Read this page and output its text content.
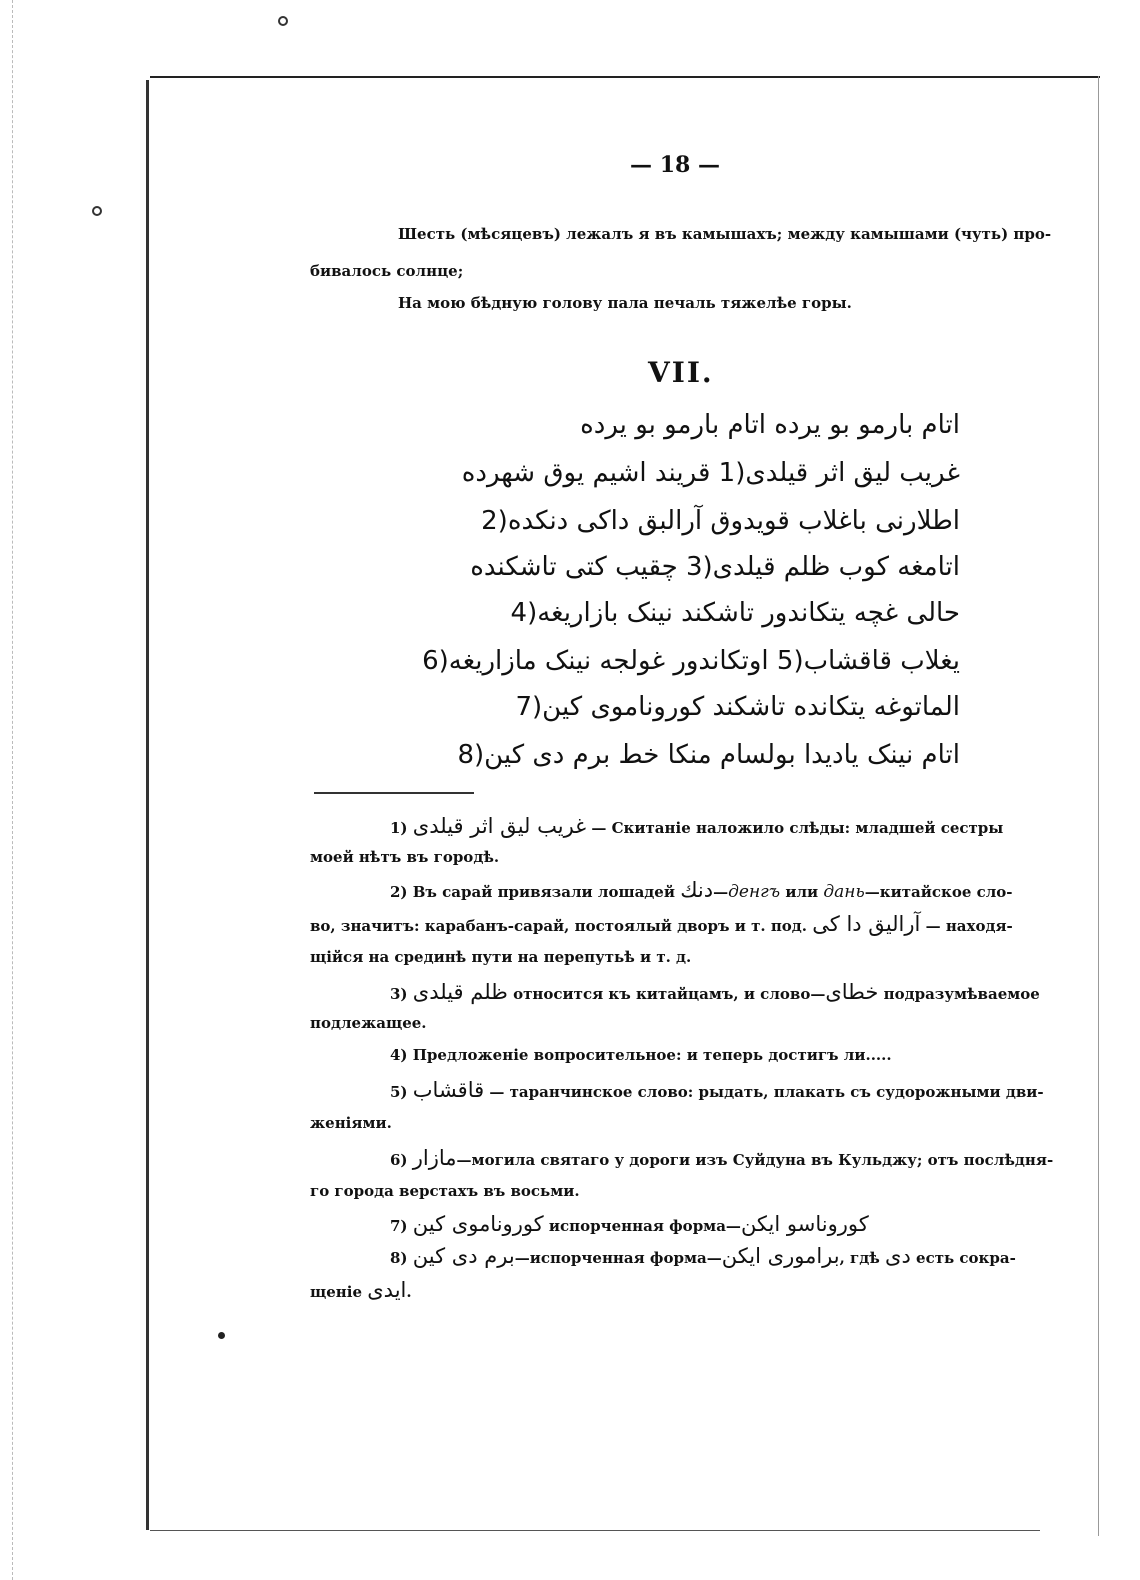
— 18 —
Шесть (мѣсяцевъ) лежалъ я въ камышахъ; между камышами (чуть) про-
бивалось солнце;
На мою бѣдную голову пала печаль тяжелѣе горы.
VII.
اتام بارمو بو يرده اتام بارمو بو يرده
غريب ليق اثر قيلدی(1 قريند اشيم يوق شهرده
اطلارنی باغلاب قويدوق آرالبق داکی دنکده(2
اتامغه کوب ظلم قيلدی(3 چقيب کتی تاشکنده
حالی غچه يتکاندور تاشکند نينک بازاريغه(4
يغلاب قاقشاب(5 اوتکاندور غولجه نينک مازاريغه(6
الماتوغه يتکانده تاشکند کوروناموی کين(7
اتام نينک يادیدا بولسام منکا خط برم دی کين(8
1) غريب ليق اثر قيلدی — Скитаніе наложило слѣды: младшей сестры
моей нѣтъ въ городѣ.
2) Въ сарай привязали лошадей دنك—денгъ или дань—китайское сло-
во, значитъ: карабанъ-сарай, постоялый дворъ и т. под. آراليق دا کی — находя-
щійся на срединѣ пути на перепутьѣ и т. д.
3) ظلم قيلدی относится къ китайцамъ, и слово—خطای подразумѣваемое
подлежащее.
4) Предложеніе вопросительное: и теперь достигъ ли.....
5) قاقشاب — таранчинское слово: рыдать, плакать съ судорожными дви-
женіями.
6) مازار—могила святаго у дороги изъ Суйдуна въ Кульджу; отъ послѣдня-
го города верстахъ въ восьми.
7) کوروناموی کين испорченная форма—کوروناسو ايکن
8) برم دی کين—испорченная форма—براموری ايکن, гдѣ دی есть сокра-
щеніе ايدی.
